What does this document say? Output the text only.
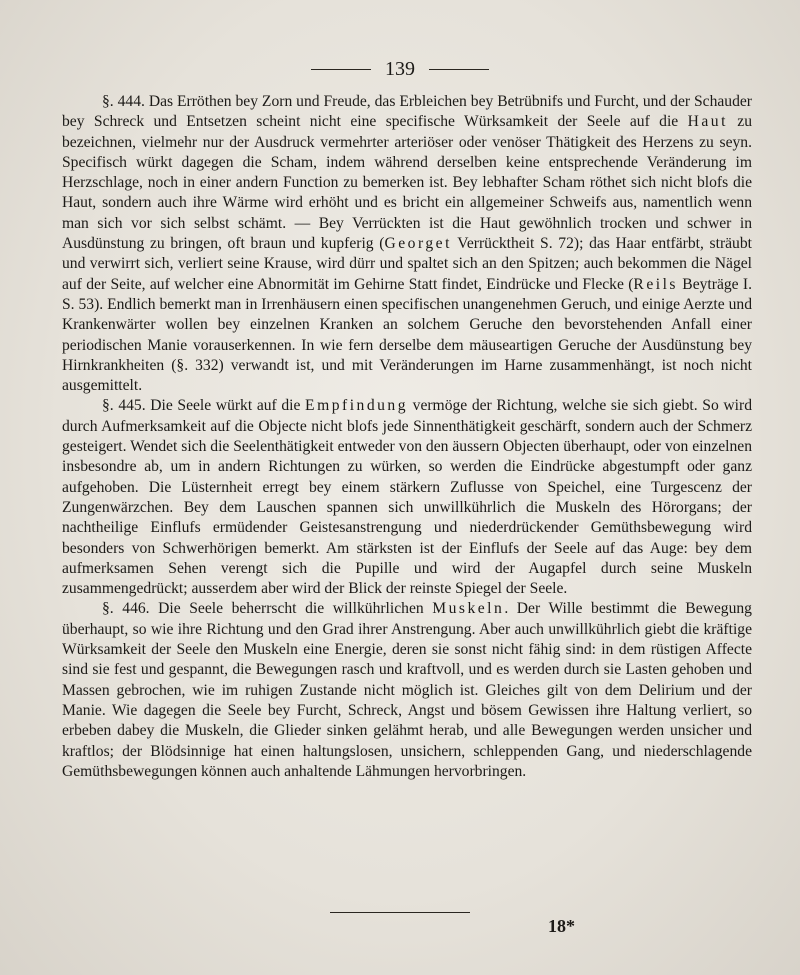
139

§. 444. Das Erröthen bey Zorn und Freude, das Erbleichen bey Betrübnifs und Furcht, und der Schauder bey Schreck und Entsetzen scheint nicht eine specifische Würksamkeit der Seele auf die Haut zu bezeichnen, vielmehr nur der Ausdruck vermehrter arteriöser oder venöser Thätigkeit des Herzens zu seyn. Specifisch würkt dagegen die Scham, indem während derselben keine entsprechende Veränderung im Herzschlage, noch in einer andern Function zu bemerken ist. Bey lebhafter Scham röthet sich nicht blofs die Haut, sondern auch ihre Wärme wird erhöht und es bricht ein allgemeiner Schweifs aus, namentlich wenn man sich vor sich selbst schämt. — Bey Verrückten ist die Haut gewöhnlich trocken und schwer in Ausdünstung zu bringen, oft braun und kupferig (Georget Verrücktheit S. 72); das Haar entfärbt, sträubt und verwirrt sich, verliert seine Krause, wird dürr und spaltet sich an den Spitzen; auch bekommen die Nägel auf der Seite, auf welcher eine Abnormität im Gehirne Statt findet, Eindrücke und Flecke (Reils Beyträge I. S. 53). Endlich bemerkt man in Irrenhäusern einen specifischen unangenehmen Geruch, und einige Aerzte und Krankenwärter wollen bey einzelnen Kranken an solchem Geruche den bevorstehenden Anfall einer periodischen Manie vorauserkennen. In wie fern derselbe dem mäuseartigen Geruche der Ausdünstung bey Hirnkrankheiten (§. 332) verwandt ist, und mit Veränderungen im Harne zusammenhängt, ist noch nicht ausgemittelt.

§. 445. Die Seele würkt auf die Empfindung vermöge der Richtung, welche sie sich giebt. So wird durch Aufmerksamkeit auf die Objecte nicht blofs jede Sinnenthätigkeit geschärft, sondern auch der Schmerz gesteigert. Wendet sich die Seelenthätigkeit entweder von den äussern Objecten überhaupt, oder von einzelnen insbesondre ab, um in andern Richtungen zu würken, so werden die Eindrücke abgestumpft oder ganz aufgehoben. Die Lüsternheit erregt bey einem stärkern Zuflusse von Speichel, eine Turgescenz der Zungenwärzchen. Bey dem Lauschen spannen sich unwillkührlich die Muskeln des Hörorgans; der nachtheilige Einflufs ermüdender Geistesanstrengung und niederdrückender Gemüthsbewegung wird besonders von Schwerhörigen bemerkt. Am stärksten ist der Einflufs der Seele auf das Auge: bey dem aufmerksamen Sehen verengt sich die Pupille und wird der Augapfel durch seine Muskeln zusammengedrückt; ausserdem aber wird der Blick der reinste Spiegel der Seele.

§. 446. Die Seele beherrscht die willkührlichen Muskeln. Der Wille bestimmt die Bewegung überhaupt, so wie ihre Richtung und den Grad ihrer Anstrengung. Aber auch unwillkührlich giebt die kräftige Würksamkeit der Seele den Muskeln eine Energie, deren sie sonst nicht fähig sind: in dem rüstigen Affecte sind sie fest und gespannt, die Bewegungen rasch und kraftvoll, und es werden durch sie Lasten gehoben und Massen gebrochen, wie im ruhigen Zustande nicht möglich ist. Gleiches gilt von dem Delirium und der Manie. Wie dagegen die Seele bey Furcht, Schreck, Angst und bösem Gewissen ihre Haltung verliert, so erbeben dabey die Muskeln, die Glieder sinken gelähmt herab, und alle Bewegungen werden unsicher und kraftlos; der Blödsinnige hat einen haltungslosen, unsichern, schleppenden Gang, und niederschlagende Gemüthsbewegungen können auch anhaltende Lähmungen hervorbringen.

18*
